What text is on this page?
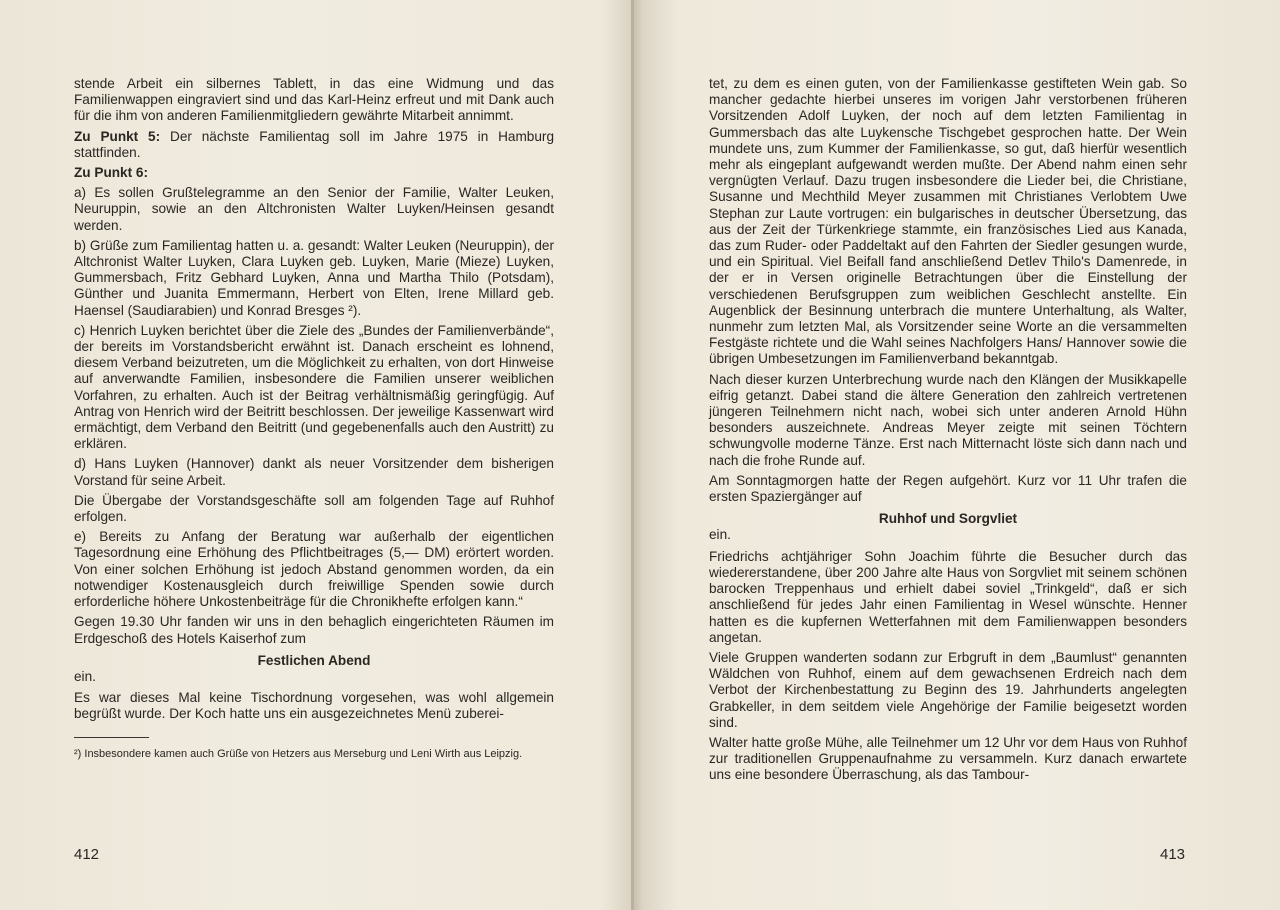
stende Arbeit ein silbernes Tablett, in das eine Widmung und das Familienwappen eingraviert sind und das Karl-Heinz erfreut und mit Dank auch für die ihm von anderen Familienmitgliedern gewährte Mitarbeit annimmt.

Zu Punkt 5: Der nächste Familientag soll im Jahre 1975 in Hamburg stattfinden.

Zu Punkt 6:

a) Es sollen Grußtelegramme an den Senior der Familie, Walter Leuken, Neuruppin, sowie an den Altchronisten Walter Luyken/Heinsen gesandt werden.

b) Grüße zum Familientag hatten u. a. gesandt: Walter Leuken (Neuruppin), der Altchronist Walter Luyken, Clara Luyken geb. Luyken, Marie (Mieze) Luyken, Gummersbach, Fritz Gebhard Luyken, Anna und Martha Thilo (Potsdam), Günther und Juanita Emmermann, Herbert von Elten, Irene Millard geb. Haensel (Saudiarabien) und Konrad Bresges ²).

c) Henrich Luyken berichtet über die Ziele des „Bundes der Familienverbände“, der bereits im Vorstandsbericht erwähnt ist. Danach erscheint es lohnend, diesem Verband beizutreten, um die Möglichkeit zu erhalten, von dort Hinweise auf anverwandte Familien, insbesondere die Familien unserer weiblichen Vorfahren, zu erhalten. Auch ist der Beitrag verhältnismäßig geringfügig. Auf Antrag von Henrich wird der Beitritt beschlossen. Der jeweilige Kassenwart wird ermächtigt, dem Verband den Beitritt (und gegebenenfalls auch den Austritt) zu erklären.

d) Hans Luyken (Hannover) dankt als neuer Vorsitzender dem bisherigen Vorstand für seine Arbeit.

Die Übergabe der Vorstandsgeschäfte soll am folgenden Tage auf Ruhhof erfolgen.

e) Bereits zu Anfang der Beratung war außerhalb der eigentlichen Tagesordnung eine Erhöhung des Pflichtbeitrages (5,— DM) erörtert worden. Von einer solchen Erhöhung ist jedoch Abstand genommen worden, da ein notwendiger Kostenausgleich durch freiwillige Spenden sowie durch erforderliche höhere Unkostenbeiträge für die Chronikhefte erfolgen kann.“

Gegen 19.30 Uhr fanden wir uns in den behaglich eingerichteten Räumen im Erdgeschoß des Hotels Kaiserhof zum

Festlichen Abend
ein.

Es war dieses Mal keine Tischordnung vorgesehen, was wohl allgemein begrüßt wurde. Der Koch hatte uns ein ausgezeichnetes Menü zuberei-

²) Insbesondere kamen auch Grüße von Hetzers aus Merseburg und Leni Wirth aus Leipzig.

412

tet, zu dem es einen guten, von der Familienkasse gestifteten Wein gab. So mancher gedachte hierbei unseres im vorigen Jahr verstorbenen früheren Vorsitzenden Adolf Luyken, der noch auf dem letzten Familientag in Gummersbach das alte Luykensche Tischgebet gesprochen hatte. Der Wein mundete uns, zum Kummer der Familienkasse, so gut, daß hierfür wesentlich mehr als eingeplant aufgewandt werden mußte. Der Abend nahm einen sehr vergnügten Verlauf. Dazu trugen insbesondere die Lieder bei, die Christiane, Susanne und Mechthild Meyer zusammen mit Christianes Verlobtem Uwe Stephan zur Laute vortrugen: ein bulgarisches in deutscher Übersetzung, das aus der Zeit der Türkenkriege stammte, ein französisches Lied aus Kanada, das zum Ruder- oder Paddeltakt auf den Fahrten der Siedler gesungen wurde, und ein Spiritual. Viel Beifall fand anschließend Detlev Thilo's Damenrede, in der er in Versen originelle Betrachtungen über die Einstellung der verschiedenen Berufsgruppen zum weiblichen Geschlecht anstellte. Ein Augenblick der Besinnung unterbrach die muntere Unterhaltung, als Walter, nunmehr zum letzten Mal, als Vorsitzender seine Worte an die versammelten Festgäste richtete und die Wahl seines Nachfolgers Hans/ Hannover sowie die übrigen Umbesetzungen im Familienverband bekanntgab.

Nach dieser kurzen Unterbrechung wurde nach den Klängen der Musikkapelle eifrig getanzt. Dabei stand die ältere Generation den zahlreich vertretenen jüngeren Teilnehmern nicht nach, wobei sich unter anderen Arnold Hühn besonders auszeichnete. Andreas Meyer zeigte mit seinen Töchtern schwungvolle moderne Tänze. Erst nach Mitternacht löste sich dann nach und nach die frohe Runde auf.

Am Sonntagmorgen hatte der Regen aufgehört. Kurz vor 11 Uhr trafen die ersten Spaziergänger auf

Ruhhof und Sorgvliet
ein.

Friedrichs achtjähriger Sohn Joachim führte die Besucher durch das wiedererstandene, über 200 Jahre alte Haus von Sorgvliet mit seinem schönen barocken Treppenhaus und erhielt dabei soviel „Trinkgeld“, daß er sich anschließend für jedes Jahr einen Familientag in Wesel wünschte. Henner hatten es die kupfernen Wetterfahnen mit dem Familienwappen besonders angetan.

Viele Gruppen wanderten sodann zur Erbgruft in dem „Baumlust“ genannten Wäldchen von Ruhhof, einem auf dem gewachsenen Erdreich nach dem Verbot der Kirchenbestattung zu Beginn des 19. Jahrhunderts angelegten Grabkeller, in dem seitdem viele Angehörige der Familie beigesetzt worden sind.

Walter hatte große Mühe, alle Teilnehmer um 12 Uhr vor dem Haus von Ruhhof zur traditionellen Gruppenaufnahme zu versammeln. Kurz danach erwartete uns eine besondere Überraschung, als das Tambour-

413
